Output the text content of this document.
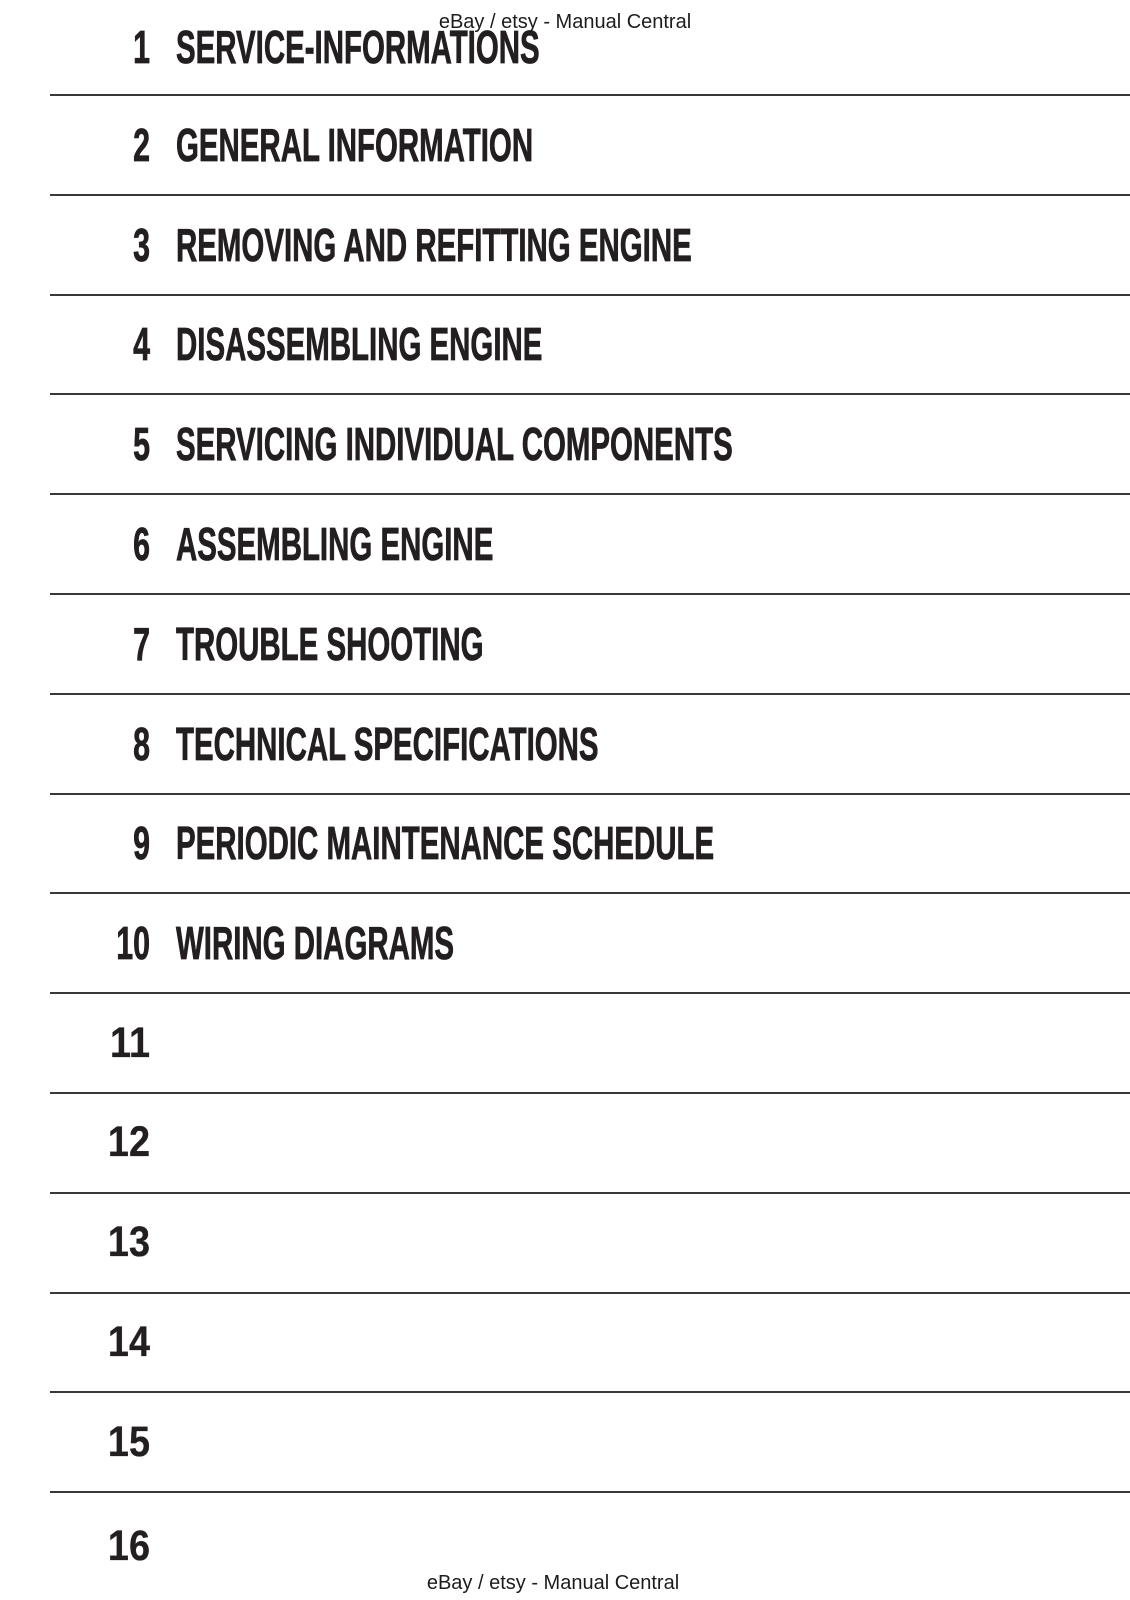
eBay / etsy - Manual Central
1 SERVICE-INFORMATIONS
2 GENERAL INFORMATION
3 REMOVING AND REFITTING ENGINE
4 DISASSEMBLING ENGINE
5 SERVICING INDIVIDUAL COMPONENTS
6 ASSEMBLING ENGINE
7 TROUBLE SHOOTING
8 TECHNICAL SPECIFICATIONS
9 PERIODIC MAINTENANCE SCHEDULE
10 WIRING DIAGRAMS
11
12
13
14
15
16
eBay / etsy - Manual Central
